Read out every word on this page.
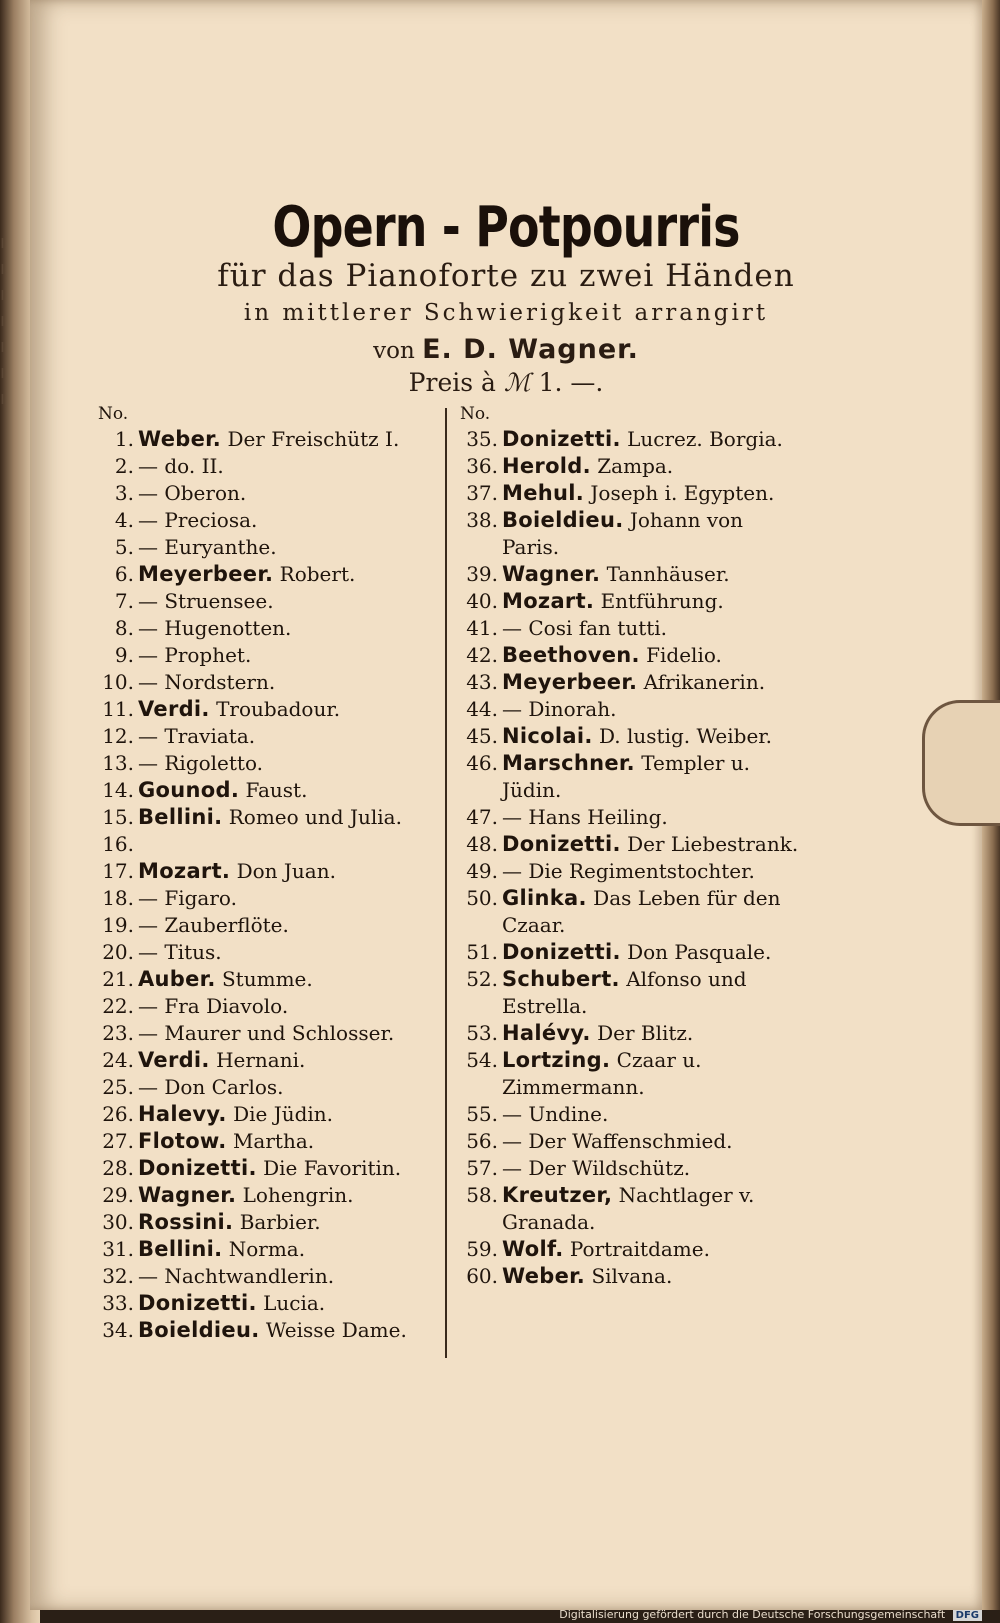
ı
ı
ı
ı
ı
ı
ı
Opern - Potpourris
für das Pianoforte zu zwei Händen
in mittlerer Schwierigkeit arrangirt
von E. D. Wagner.
Preis à ℳ 1. —.
No.
1. Weber. Der Freischütz I.
2. — do. II.
3. — Oberon.
4. — Preciosa.
5. — Euryanthe.
6. Meyerbeer. Robert.
7. — Struensee.
8. — Hugenotten.
9. — Prophet.
10. — Nordstern.
11. Verdi. Troubadour.
12. — Traviata.
13. — Rigoletto.
14. Gounod. Faust.
15. Bellini. Romeo und Julia.
16.
17. Mozart. Don Juan.
18. — Figaro.
19. — Zauberflöte.
20. — Titus.
21. Auber. Stumme.
22. — Fra Diavolo.
23. — Maurer und Schlosser.
24. Verdi. Hernani.
25. — Don Carlos.
26. Halevy. Die Jüdin.
27. Flotow. Martha.
28. Donizetti. Die Favoritin.
29. Wagner. Lohengrin.
30. Rossini. Barbier.
31. Bellini. Norma.
32. — Nachtwandlerin.
33. Donizetti. Lucia.
34. Boieldieu. Weisse Dame.
No.
35. Donizetti. Lucrez. Borgia.
36. Herold. Zampa.
37. Mehul. Joseph i. Egypten.
38. Boieldieu. Johann von Paris.
39. Wagner. Tannhäuser.
40. Mozart. Entführung.
41. — Cosi fan tutti.
42. Beethoven. Fidelio.
43. Meyerbeer. Afrikanerin.
44. — Dinorah.
45. Nicolai. D. lustig. Weiber.
46. Marschner. Templer u. Jüdin.
47. — Hans Heiling.
48. Donizetti. Der Liebestrank.
49. — Die Regimentstochter.
50. Glinka. Das Leben für den Czaar.
51. Donizetti. Don Pasquale.
52. Schubert. Alfonso und Estrella.
53. Halévy. Der Blitz.
54. Lortzing. Czaar u. Zimmermann.
55. — Undine.
56. — Der Waffenschmied.
57. — Der Wildschütz.
58. Kreutzer, Nachtlager v. Granada.
59. Wolf. Portraitdame.
60. Weber. Silvana.
Digitalisierung gefördert durch die Deutsche Forschungsgemeinschaft DFG
